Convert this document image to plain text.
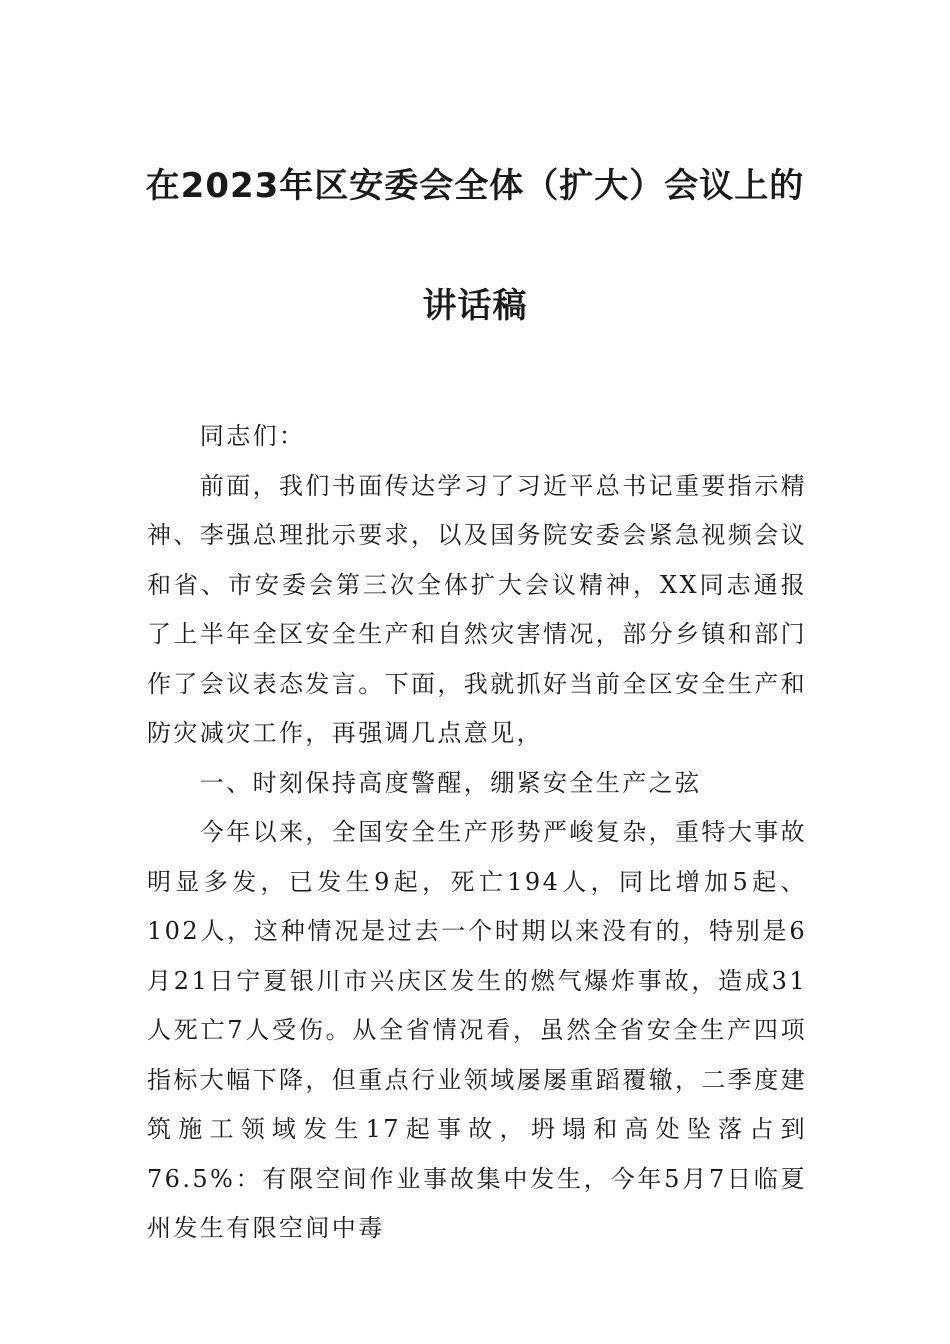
在2023年区安委会全体（扩大）会议上的
讲话稿

同志们：

前面，我们书面传达学习了习近平总书记重要指示精神、李强总理批示要求，以及国务院安委会紧急视频会议和省、市安委会第三次全体扩大会议精神，XX同志通报了上半年全区安全生产和自然灾害情况，部分乡镇和部门作了会议表态发言。下面，我就抓好当前全区安全生产和防灾减灾工作，再强调几点意见，

一、时刻保持高度警醒，绷紧安全生产之弦

今年以来，全国安全生产形势严峻复杂，重特大事故明显多发，已发生9起，死亡194人，同比增加5起、102人，这种情况是过去一个时期以来没有的，特别是6月21日宁夏银川市兴庆区发生的燃气爆炸事故，造成31人死亡7人受伤。从全省情况看，虽然全省安全生产四项指标大幅下降，但重点行业领域屡屡重蹈覆辙，二季度建筑施工领域发生17起事故，坍塌和高处坠落占到76.5%：有限空间作业事故集中发生，今年5月7日临夏州发生有限空间中毒
